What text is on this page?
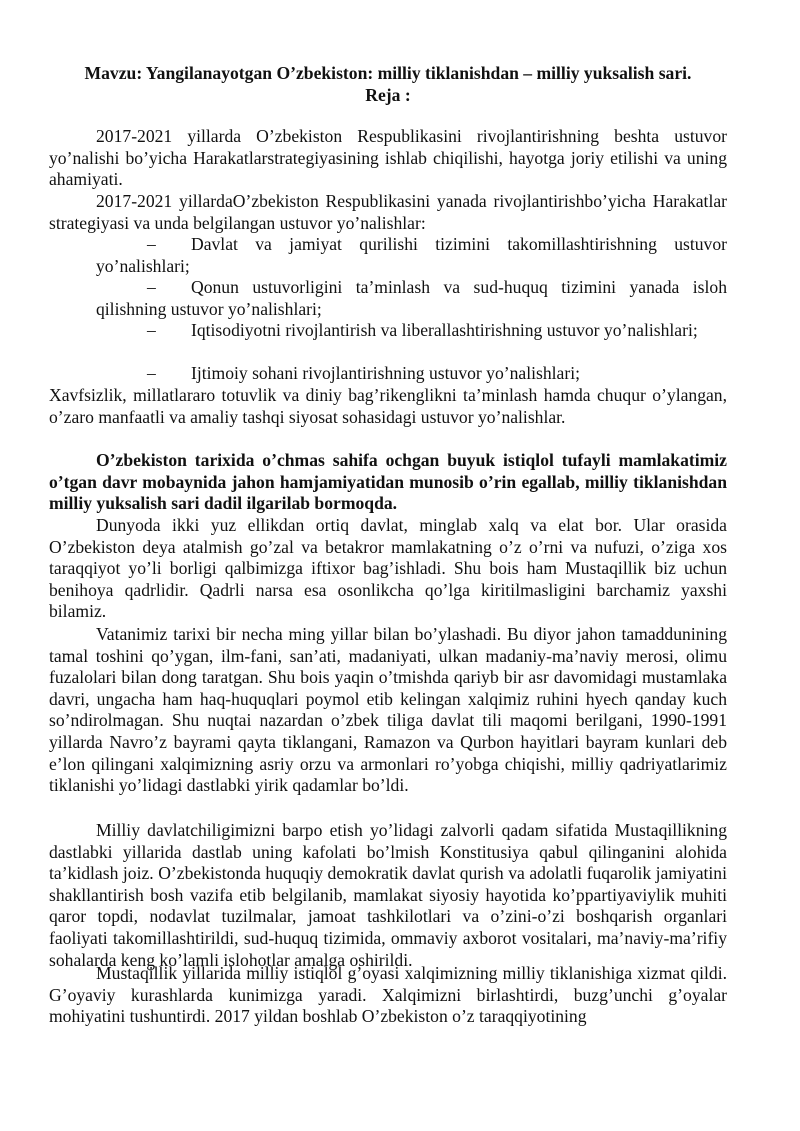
Mavzu: Yangilanayotgan O’zbekiston: milliy tiklanishdan – milliy yuksalish sari.
Reja :

2017-2021 yillarda O’zbekiston Respublikasini rivojlantirishning beshta ustuvor yo’nalishi bo’yicha Harakatlarstrategiyasining ishlab chiqilishi, hayotga joriy etilishi va uning ahamiyati.

2017-2021 yillardaO’zbekiston Respublikasini yanada rivojlantirishbo’yicha Harakatlar strategiyasi va unda belgilangan ustuvor yo’nalishlar:

– Davlat va jamiyat qurilishi tizimini takomillashtirishning ustuvor yo’nalishlari;

– Qonun ustuvorligini ta’minlash va sud-huquq tizimini yanada isloh qilishning ustuvor yo’nalishlari;

– Iqtisodiyotni rivojlantirish va liberallashtirishning ustuvor yo’nalishlari;

– Ijtimoiy sohani rivojlantirishning ustuvor yo’nalishlari;

Xavfsizlik, millatlararo totuvlik va diniy bag’rikenglikni ta’minlash hamda chuqur o’ylangan, o’zaro manfaatli va amaliy tashqi siyosat sohasidagi ustuvor yo’nalishlar.

O’zbekiston tarixida o’chmas sahifa ochgan buyuk istiqlol tufayli mamlakatimiz o’tgan davr mobaynida jahon hamjamiyatidan munosib o’rin egallab, milliy tiklanishdan milliy yuksalish sari dadil ilgarilab bormoqda.

Dunyoda ikki yuz ellikdan ortiq davlat, minglab xalq va elat bor. Ular orasida O’zbekiston deya atalmish go’zal va betakror mamlakatning o’z o’rni va nufuzi, o’ziga xos taraqqiyot yo’li borligi qalbimizga iftixor bag’ishladi. Shu bois ham Mustaqillik biz uchun benihoya qadrlidir. Qadrli narsa esa osonlikcha qo’lga kiritilmasligini barchamiz yaxshi bilamiz.

Vatanimiz tarixi bir necha ming yillar bilan bo’ylashadi. Bu diyor jahon tamaddunining tamal toshini qo’ygan, ilm-fani, san’ati, madaniyati, ulkan madaniy-ma’naviy merosi, olimu fuzalolari bilan dong taratgan. Shu bois yaqin o’tmishda qariyb bir asr davomidagi mustamlaka davri, ungacha ham haq-huquqlari poymol etib kelingan xalqimiz ruhini hyech qanday kuch so’ndirolmagan. Shu nuqtai nazardan o’zbek tiliga davlat tili maqomi berilgani, 1990-1991 yillarda Navro’z bayrami qayta tiklangani, Ramazon va Qurbon hayitlari bayram kunlari deb e’lon qilingani xalqimizning asriy orzu va armonlari ro’yobga chiqishi, milliy qadriyatlarimiz tiklanishi yo’lidagi dastlabki yirik qadamlar bo’ldi.

Milliy davlatchiligimizni barpo etish yo’lidagi zalvorli qadam sifatida Mustaqillikning dastlabki yillarida dastlab uning kafolati bo’lmish Konstitusiya qabul qilinganini alohida ta’kidlash joiz. O’zbekistonda huquqiy demokratik davlat qurish va adolatli fuqarolik jamiyatini shakllantirish bosh vazifa etib belgilanib, mamlakat siyosiy hayotida ko’ppartiyaviylik muhiti qaror topdi, nodavlat tuzilmalar, jamoat tashkilotlari va o’zini-o’zi boshqarish organlari faoliyati takomillashtirildi, sud-huquq tizimida, ommaviy axborot vositalari, ma’naviy-ma’rifiy sohalarda keng ko’lamli islohotlar amalga oshirildi.

Mustaqillik yillarida milliy istiqlol g’oyasi xalqimizning milliy tiklanishiga xizmat qildi. G’oyaviy kurashlarda kunimizga yaradi. Xalqimizni birlashtirdi, buzg’unchi g’oyalar mohiyatini tushuntirdi. 2017 yildan boshlab O’zbekiston o’z taraqqiyotining
